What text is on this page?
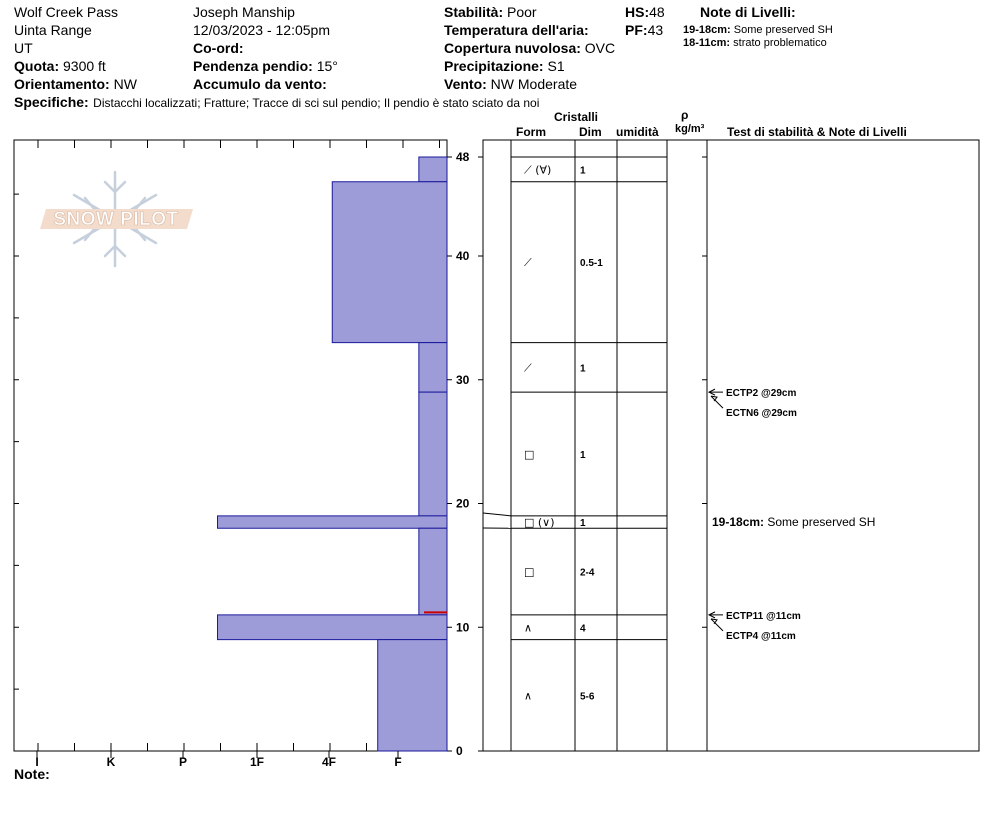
Wolf Creek Pass
Uinta Range
UT
Quota: 9300 ft
Orientamento: NW
Joseph Manship
12/03/2023 - 12:05pm
Co-ord:
Pendenza pendio: 15°
Accumulo da vento:
Stabilità: Poor
Temperatura dell'aria:
Copertura nuvolosa: OVC
Precipitazione: S1
Vento: NW Moderate
HS:48
PF:43
Note di Livelli:
19-18cm: Some preserved SH
18-11cm: strato problematico
Specifiche: Distacchi localizzati; Fratture; Tracce di sci sul pendio; Il pendio è stato sciato da noi
Cristalli
Form	Dim umidità
ρ
kg/m³ Test di stabilità & Note di Livelli
Note:
SNOW PILOT
0
10
20
30
40
48
I	K	P	1F	4F	F
⟋ (∀)	1
⟋	0.5-1
⟋	1
□	1
□ (∨)	1
□	2-4
∧	4
∧	5-6
ECTP2 @29cm
ECTN6 @29cm
ECTP11 @11cm
ECTP4 @11cm
19-18cm: Some preserved SH
